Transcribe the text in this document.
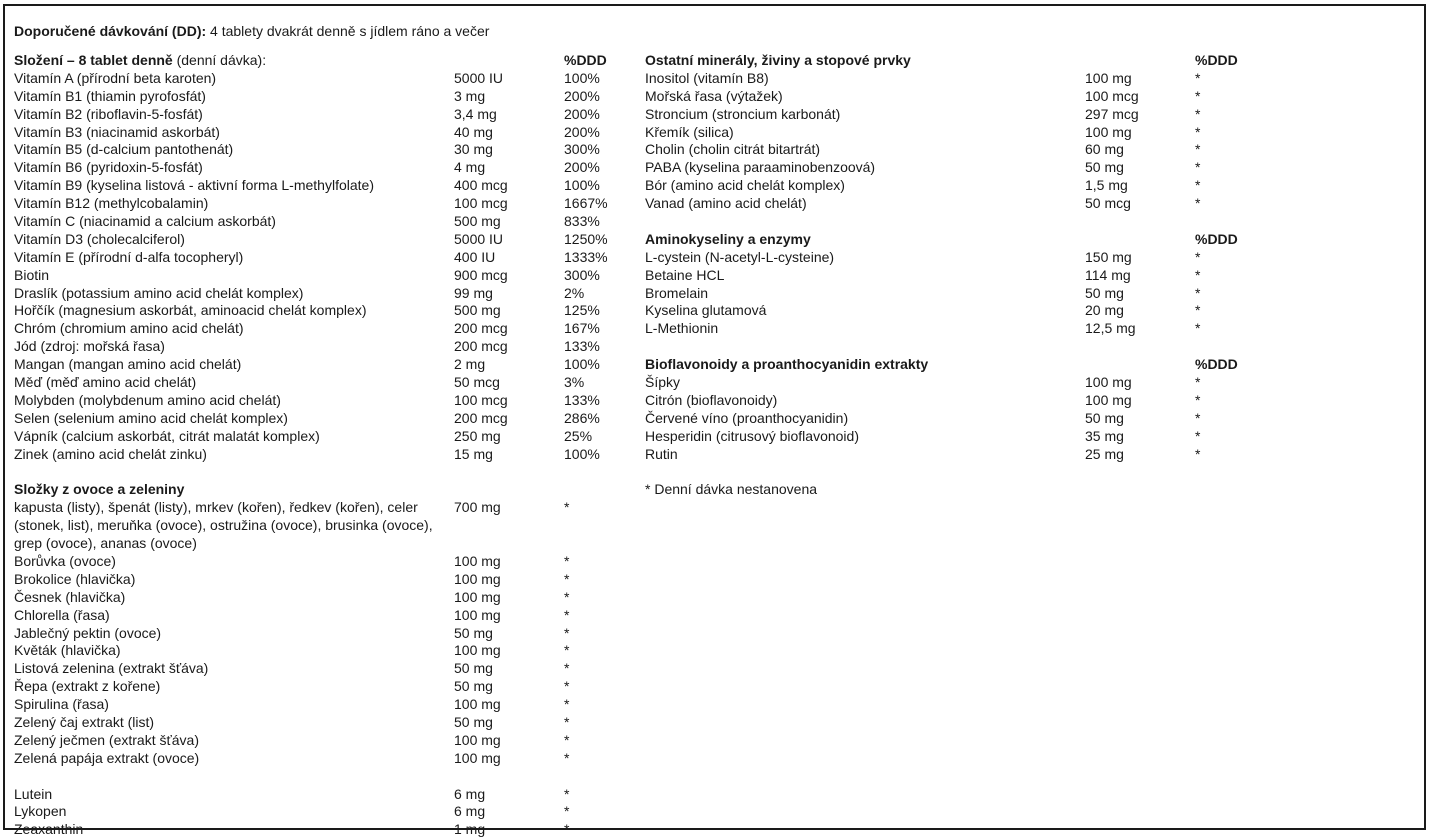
Doporučené dávkování (DD): 4 tablety dvakrát denně s jídlem ráno a večer
Složení – 8 tablet denně (denní dávka):	%DDD
Vitamín A (přírodní beta karoten)	5000 IU	100%
Vitamín B1 (thiamin pyrofosfát)	3 mg	200%
Vitamín B2 (riboflavin-5-fosfát)	3,4 mg	200%
Vitamín B3 (niacinamid askorbát)	40 mg	200%
Vitamín B5 (d-calcium pantothenát)	30 mg	300%
Vitamín B6 (pyridoxin-5-fosfát)	4 mg	200%
Vitamín B9 (kyselina listová - aktivní forma L-methylfolate)	400 mcg	100%
Vitamín B12 (methylcobalamin)	100 mcg	1667%
Vitamín C (niacinamid a calcium askorbát)	500 mg	833%
Vitamín D3 (cholecalciferol)	5000 IU	1250%
Vitamín E (přírodní d-alfa tocopheryl)	400 IU	1333%
Biotin	900 mcg	300%
Draslík (potassium amino acid chelát komplex)	99 mg	2%
Hořčík (magnesium askorbát, aminoacid chelát komplex)	500 mg	125%
Chróm (chromium amino acid chelát)	200 mcg	167%
Jód (zdroj: mořská řasa)	200 mcg	133%
Mangan (mangan amino acid chelát)	2 mg	100%
Měď (měď amino acid chelát)	50 mcg	3%
Molybden (molybdenum amino acid chelát)	100 mcg	133%
Selen (selenium amino acid chelát komplex)	200 mcg	286%
Vápník (calcium askorbát, citrát malatát komplex)	250 mg	25%
Zinek (amino acid chelát zinku)	15 mg	100%
Složky z ovoce a zeleniny
kapusta (listy), špenát (listy), mrkev (kořen), ředkev (kořen), celer (stonek, list), meruňka (ovoce), ostružina (ovoce), brusinka (ovoce), grep (ovoce), ananas (ovoce)
700 mg	*
Borůvka (ovoce)	100 mg	*
Brokolice (hlavička)	100 mg	*
Česnek (hlavička)	100 mg	*
Chlorella (řasa)	100 mg	*
Jablečný pektin (ovoce)	50 mg	*
Květák (hlavička)	100 mg	*
Listová zelenina (extrakt šťáva)	50 mg	*
Řepa (extrakt z kořene)	50 mg	*
Spirulina (řasa)	100 mg	*
Zelený čaj extrakt (list)	50 mg	*
Zelený ječmen (extrakt šťáva)	100 mg	*
Zelená papája extrakt (ovoce)	100 mg	*
Lutein	6 mg	*
Lykopen	6 mg	*
Zeaxanthin	1 mg	*
Ostatní minerály, živiny a stopové prvky	%DDD
Inositol (vitamín B8)	100 mg	*
Mořská řasa (výtažek)	100 mcg	*
Stroncium (stroncium karbonát)	297 mcg	*
Křemík (silica)	100 mg	*
Cholin (cholin citrát bitartrát)	60 mg	*
PABA (kyselina paraaminobenzoová)	50 mg	*
Bór (amino acid chelát komplex)	1,5 mg	*
Vanad (amino acid chelát)	50 mcg	*
Aminokyseliny a enzymy	%DDD
L-cystein (N-acetyl-L-cysteine)	150 mg	*
Betaine HCL	114 mg	*
Bromelain	50 mg	*
Kyselina glutamová	20 mg	*
L-Methionin	12,5 mg	*
Bioflavonoidy a proanthocyanidin extrakty	%DDD
Šípky	100 mg	*
Citrón (bioflavonoidy)	100 mg	*
Červené víno (proanthocyanidin)	50 mg	*
Hesperidin (citrusový bioflavonoid)	35 mg	*
Rutin	25 mg	*
* Denní dávka nestanovena
